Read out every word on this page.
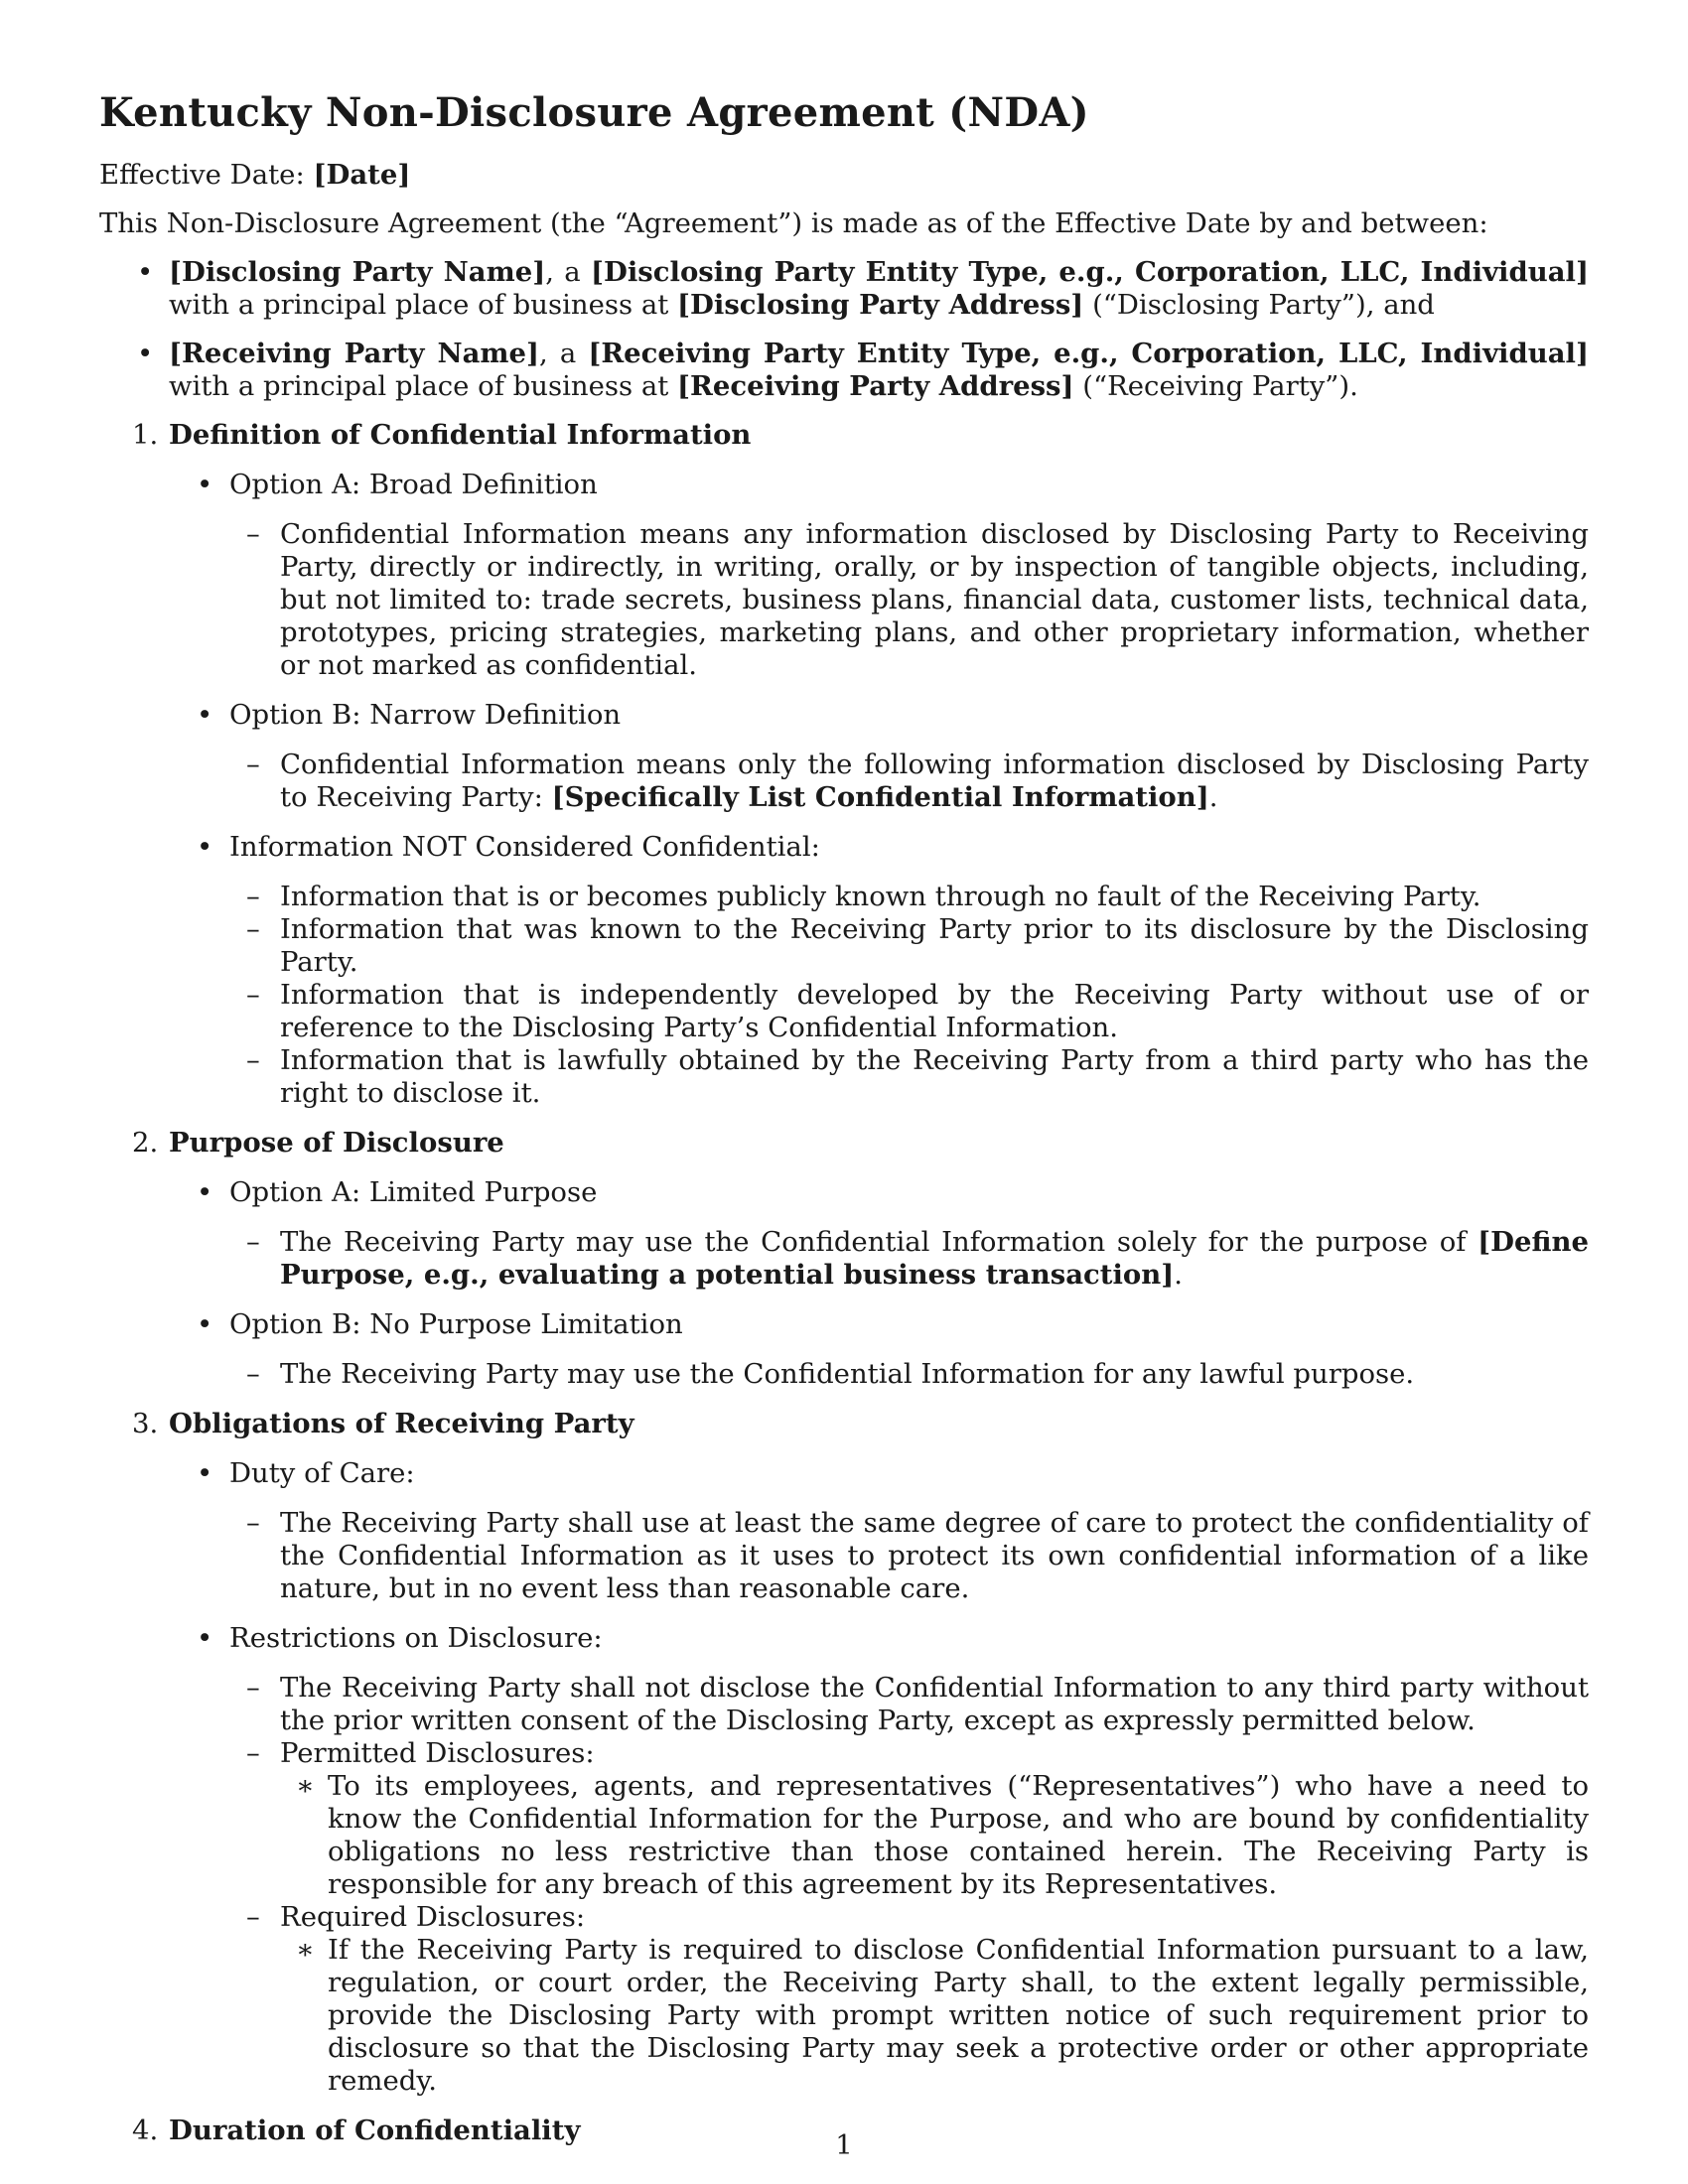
Kentucky Non-Disclosure Agreement (NDA)

Effective Date: [Date]

This Non-Disclosure Agreement (the “Agreement”) is made as of the Effective Date by and between:

• [Disclosing Party Name], a [Disclosing Party Entity Type, e.g., Corporation, LLC, Individual] with a principal place of business at [Disclosing Party Address] (“Disclosing Party”), and
• [Receiving Party Name], a [Receiving Party Entity Type, e.g., Corporation, LLC, Individual] with a principal place of business at [Receiving Party Address] (“Receiving Party”).
1. Definition of Confidential Information
• Option A: Broad Definition
– Confidential Information means any information disclosed by Disclosing Party to Receiving Party, directly or indirectly, in writing, orally, or by inspection of tangible objects, including, but not limited to: trade secrets, business plans, financial data, customer lists, technical data, prototypes, pricing strategies, marketing plans, and other proprietary information, whether or not marked as confidential.
• Option B: Narrow Definition
– Confidential Information means only the following information disclosed by Disclosing Party to Receiving Party: [Specifically List Confidential Information].
• Information NOT Considered Confidential:
– Information that is or becomes publicly known through no fault of the Receiving Party.
– Information that was known to the Receiving Party prior to its disclosure by the Disclosing Party.
– Information that is independently developed by the Receiving Party without use of or reference to the Disclosing Party’s Confidential Information.
– Information that is lawfully obtained by the Receiving Party from a third party who has the right to disclose it.
2. Purpose of Disclosure
• Option A: Limited Purpose
– The Receiving Party may use the Confidential Information solely for the purpose of [Define Purpose, e.g., evaluating a potential business transaction].
• Option B: No Purpose Limitation
– The Receiving Party may use the Confidential Information for any lawful purpose.
3. Obligations of Receiving Party
• Duty of Care:
– The Receiving Party shall use at least the same degree of care to protect the confidentiality of the Confidential Information as it uses to protect its own confidential information of a like nature, but in no event less than reasonable care.
• Restrictions on Disclosure:
– The Receiving Party shall not disclose the Confidential Information to any third party without the prior written consent of the Disclosing Party, except as expressly permitted below.
– Permitted Disclosures:
∗ To its employees, agents, and representatives (“Representatives”) who have a need to know the Confidential Information for the Purpose, and who are bound by confidentiality obligations no less restrictive than those contained herein. The Receiving Party is responsible for any breach of this agreement by its Representatives.
– Required Disclosures:
∗ If the Receiving Party is required to disclose Confidential Information pursuant to a law, regulation, or court order, the Receiving Party shall, to the extent legally permissible, provide the Disclosing Party with prompt written notice of such requirement prior to disclosure so that the Disclosing Party may seek a protective order or other appropriate remedy.
4. Duration of Confidentiality	1
